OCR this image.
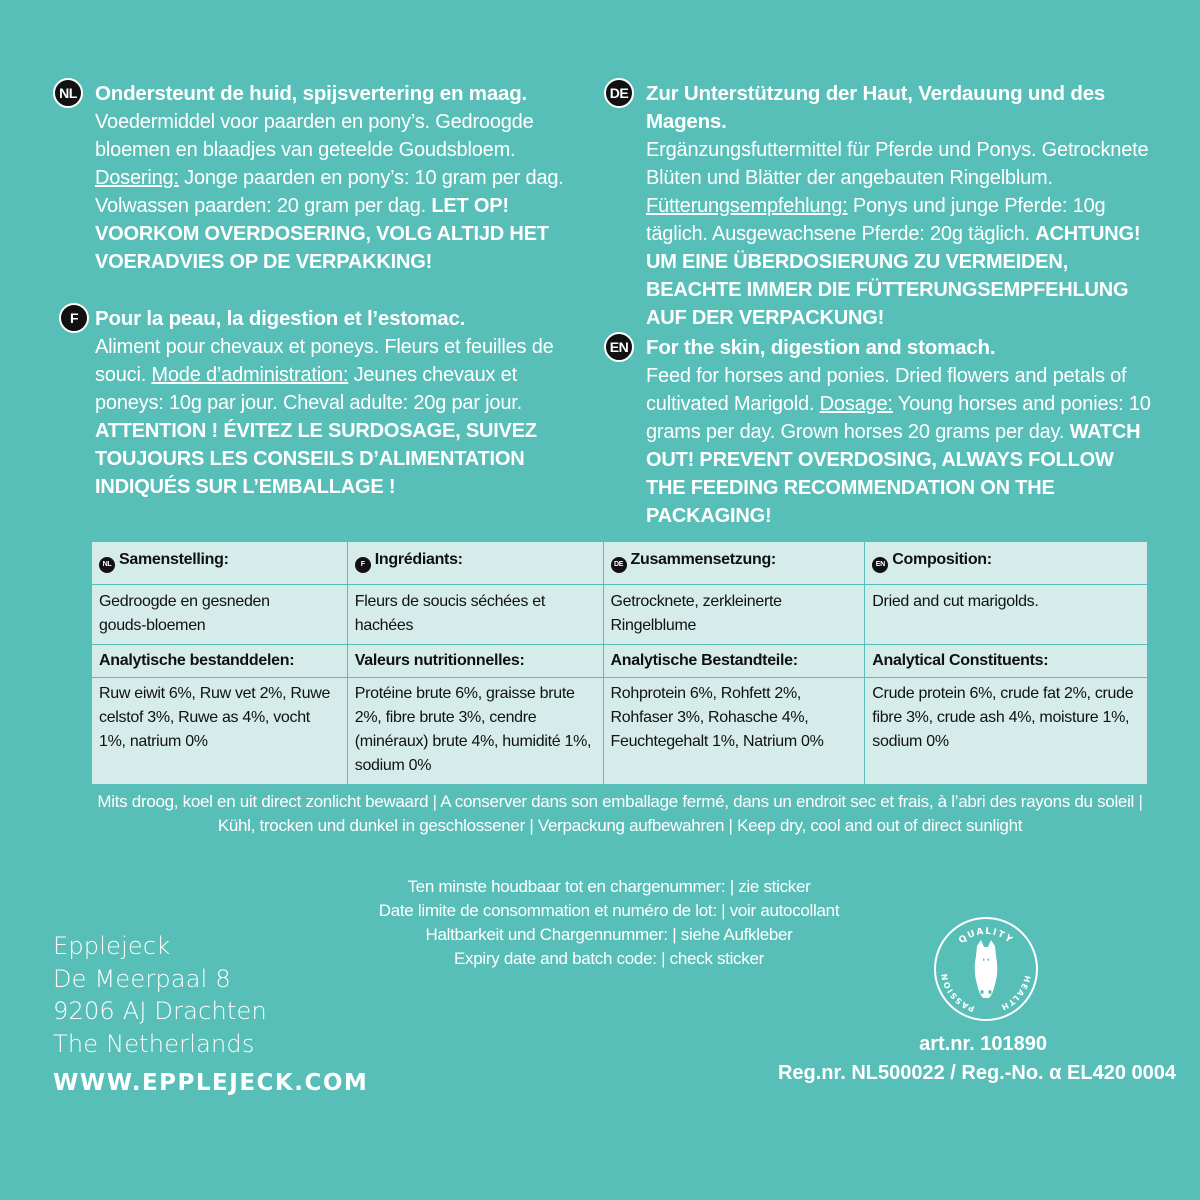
NL Ondersteunt de huid, spijsvertering en maag.
Voedermiddel voor paarden en pony’s. Gedroogde bloemen en blaadjes van geteelde Goudsbloem. Dosering: Jonge paarden en pony’s: 10 gram per dag. Volwassen paarden: 20 gram per dag. LET OP! VOORKOM OVERDOSERING, VOLG ALTIJD HET VOERADVIES OP DE VERPAKKING!
DE Zur Unterstützung der Haut, Verdauung und des Magens.
Ergänzungsfuttermittel für Pferde und Ponys. Getrocknete Blüten und Blätter der angebauten Ringelblum. Fütterungsempfehlung: Ponys und junge Pferde: 10g täglich. Ausgewachsene Pferde: 20g täglich. ACHTUNG! UM EINE ÜBERDOSIERUNG ZU VERMEIDEN, BEACHTE IMMER DIE FÜTTERUNGSEMPFEHLUNG AUF DER VERPACKUNG!
F Pour la peau, la digestion et l’estomac.
Aliment pour chevaux et poneys. Fleurs et feuilles de souci. Mode d’administration: Jeunes chevaux et poneys: 10g par jour. Cheval adulte: 20g par jour. ATTENTION ! ÉVITEZ LE SURDOSAGE, SUIVEZ TOUJOURS LES CONSEILS D’ALIMENTATION INDIQUÉS SUR L’EMBALLAGE !
EN For the skin, digestion and stomach.
Feed for horses and ponies. Dried flowers and petals of cultivated Marigold. Dosage: Young horses and ponies: 10 grams per day. Grown horses 20 grams per day. WATCH OUT! PREVENT OVERDOSING, ALWAYS FOLLOW THE FEEDING RECOMMENDATION ON THE PACKAGING!
NL Samenstelling:	F Ingrédiants:	DE Zusammensetzung:	EN Composition:
Gedroogde en gesneden gouds-bloemen	Fleurs de soucis séchées et hachées	Getrocknete, zerkleinerte Ringelblume	Dried and cut marigolds.
Analytische bestanddelen:	Valeurs nutritionnelles:	Analytische Bestandteile:	Analytical Constituents:
Ruw eiwit 6%, Ruw vet 2%, Ruwe celstof 3%, Ruwe as 4%, vocht 1%, natrium 0%	Protéine brute 6%, graisse brute 2%, fibre brute 3%, cendre (minéraux) brute 4%, humidité 1%, sodium 0%	Rohprotein 6%, Rohfett 2%, Rohfaser 3%, Rohasche 4%, Feuchtegehalt 1%, Natrium 0%	Crude protein 6%, crude fat 2%, crude fibre 3%, crude ash 4%, moisture 1%, sodium 0%
Mits droog, koel en uit direct zonlicht bewaard | A conserver dans son emballage fermé, dans un endroit sec et frais, à l’abri des rayons du soleil |
Kühl, trocken und dunkel in geschlossener | Verpackung aufbewahren | Keep dry, cool and out of direct sunlight
Ten minste houdbaar tot en chargenummer: | zie sticker
Date limite de consommation et numéro de lot: | voir autocollant
Haltbarkeit und Chargennummer: | siehe Aufkleber
Expiry date and batch code: | check sticker
Epplejeck
De Meerpaal 8
9206 AJ Drachten
The Netherlands
WWW.EPPLEJECK.COM
QUALITY
PASSION	HEALTH
art.nr. 101890
Reg.nr. NL500022 / Reg.-No. α EL420 0004
